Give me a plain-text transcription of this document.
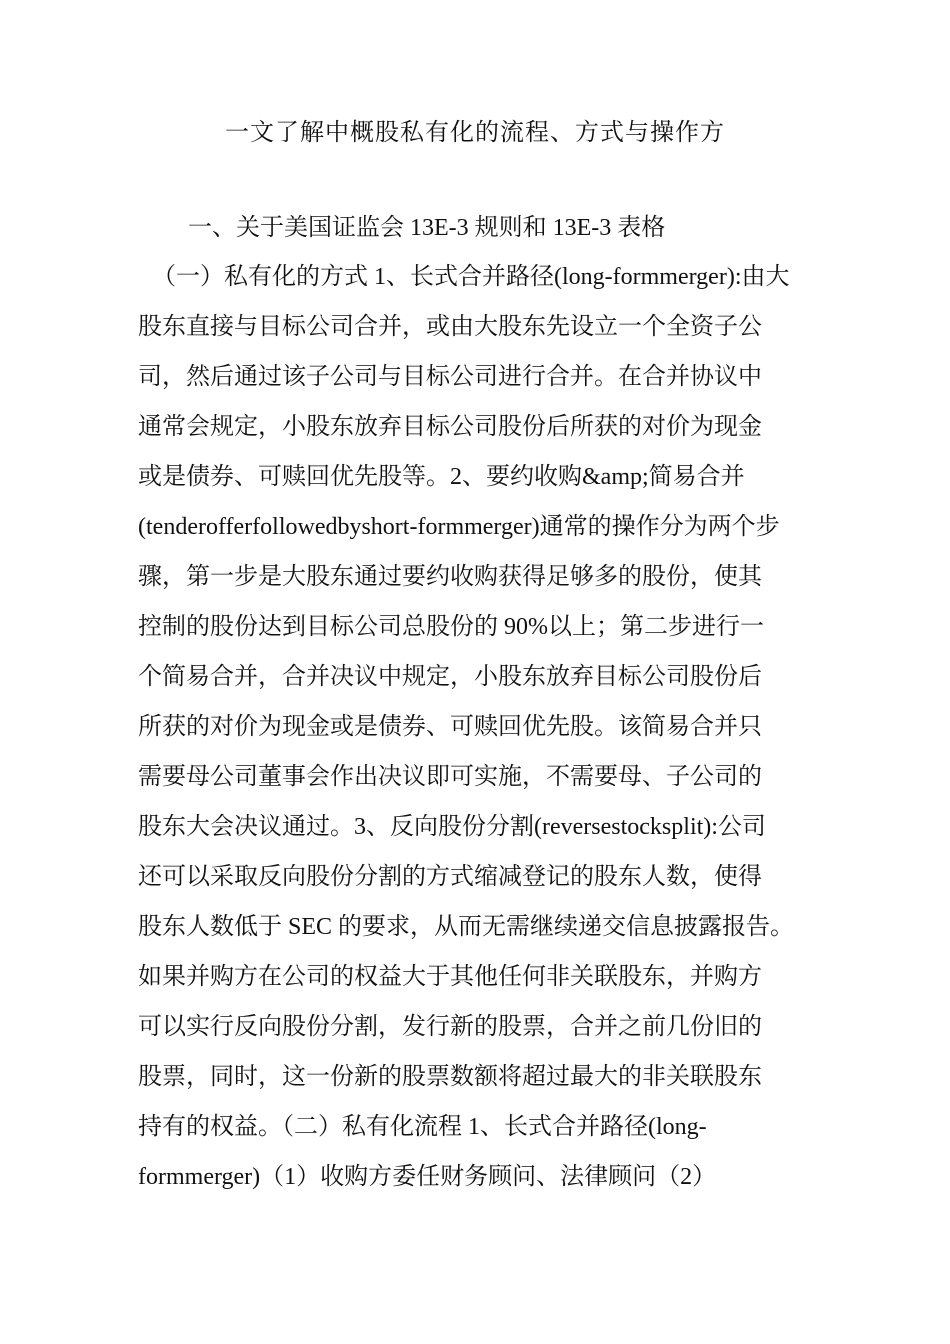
一文了解中概股私有化的流程、方式与操作方
一、关于美国证监会 13E-3 规则和 13E-3 表格
（一）私有化的方式 1、长式合并路径(long-formmerger):由大
股东直接与目标公司合并，或由大股东先设立一个全资子公
司，然后通过该子公司与目标公司进行合并。在合并协议中
通常会规定，小股东放弃目标公司股份后所获的对价为现金
或是债券、可赎回优先股等。2、要约收购&amp;简易合并
(tenderofferfollowedbyshort-formmerger)通常的操作分为两个步
骤，第一步是大股东通过要约收购获得足够多的股份，使其
控制的股份达到目标公司总股份的 90%以上；第二步进行一
个简易合并，合并决议中规定，小股东放弃目标公司股份后
所获的对价为现金或是债券、可赎回优先股。该简易合并只
需要母公司董事会作出决议即可实施，不需要母、子公司的
股东大会决议通过。3、反向股份分割(reversestocksplit):公司
还可以采取反向股份分割的方式缩减登记的股东人数，使得
股东人数低于 SEC 的要求，从而无需继续递交信息披露报告。
如果并购方在公司的权益大于其他任何非关联股东，并购方
可以实行反向股份分割，发行新的股票，合并之前几份旧的
股票，同时，这一份新的股票数额将超过最大的非关联股东
持有的权益。（二）私有化流程 1、长式合并路径(long-
formmerger)（1）收购方委任财务顾问、法律顾问（2）
